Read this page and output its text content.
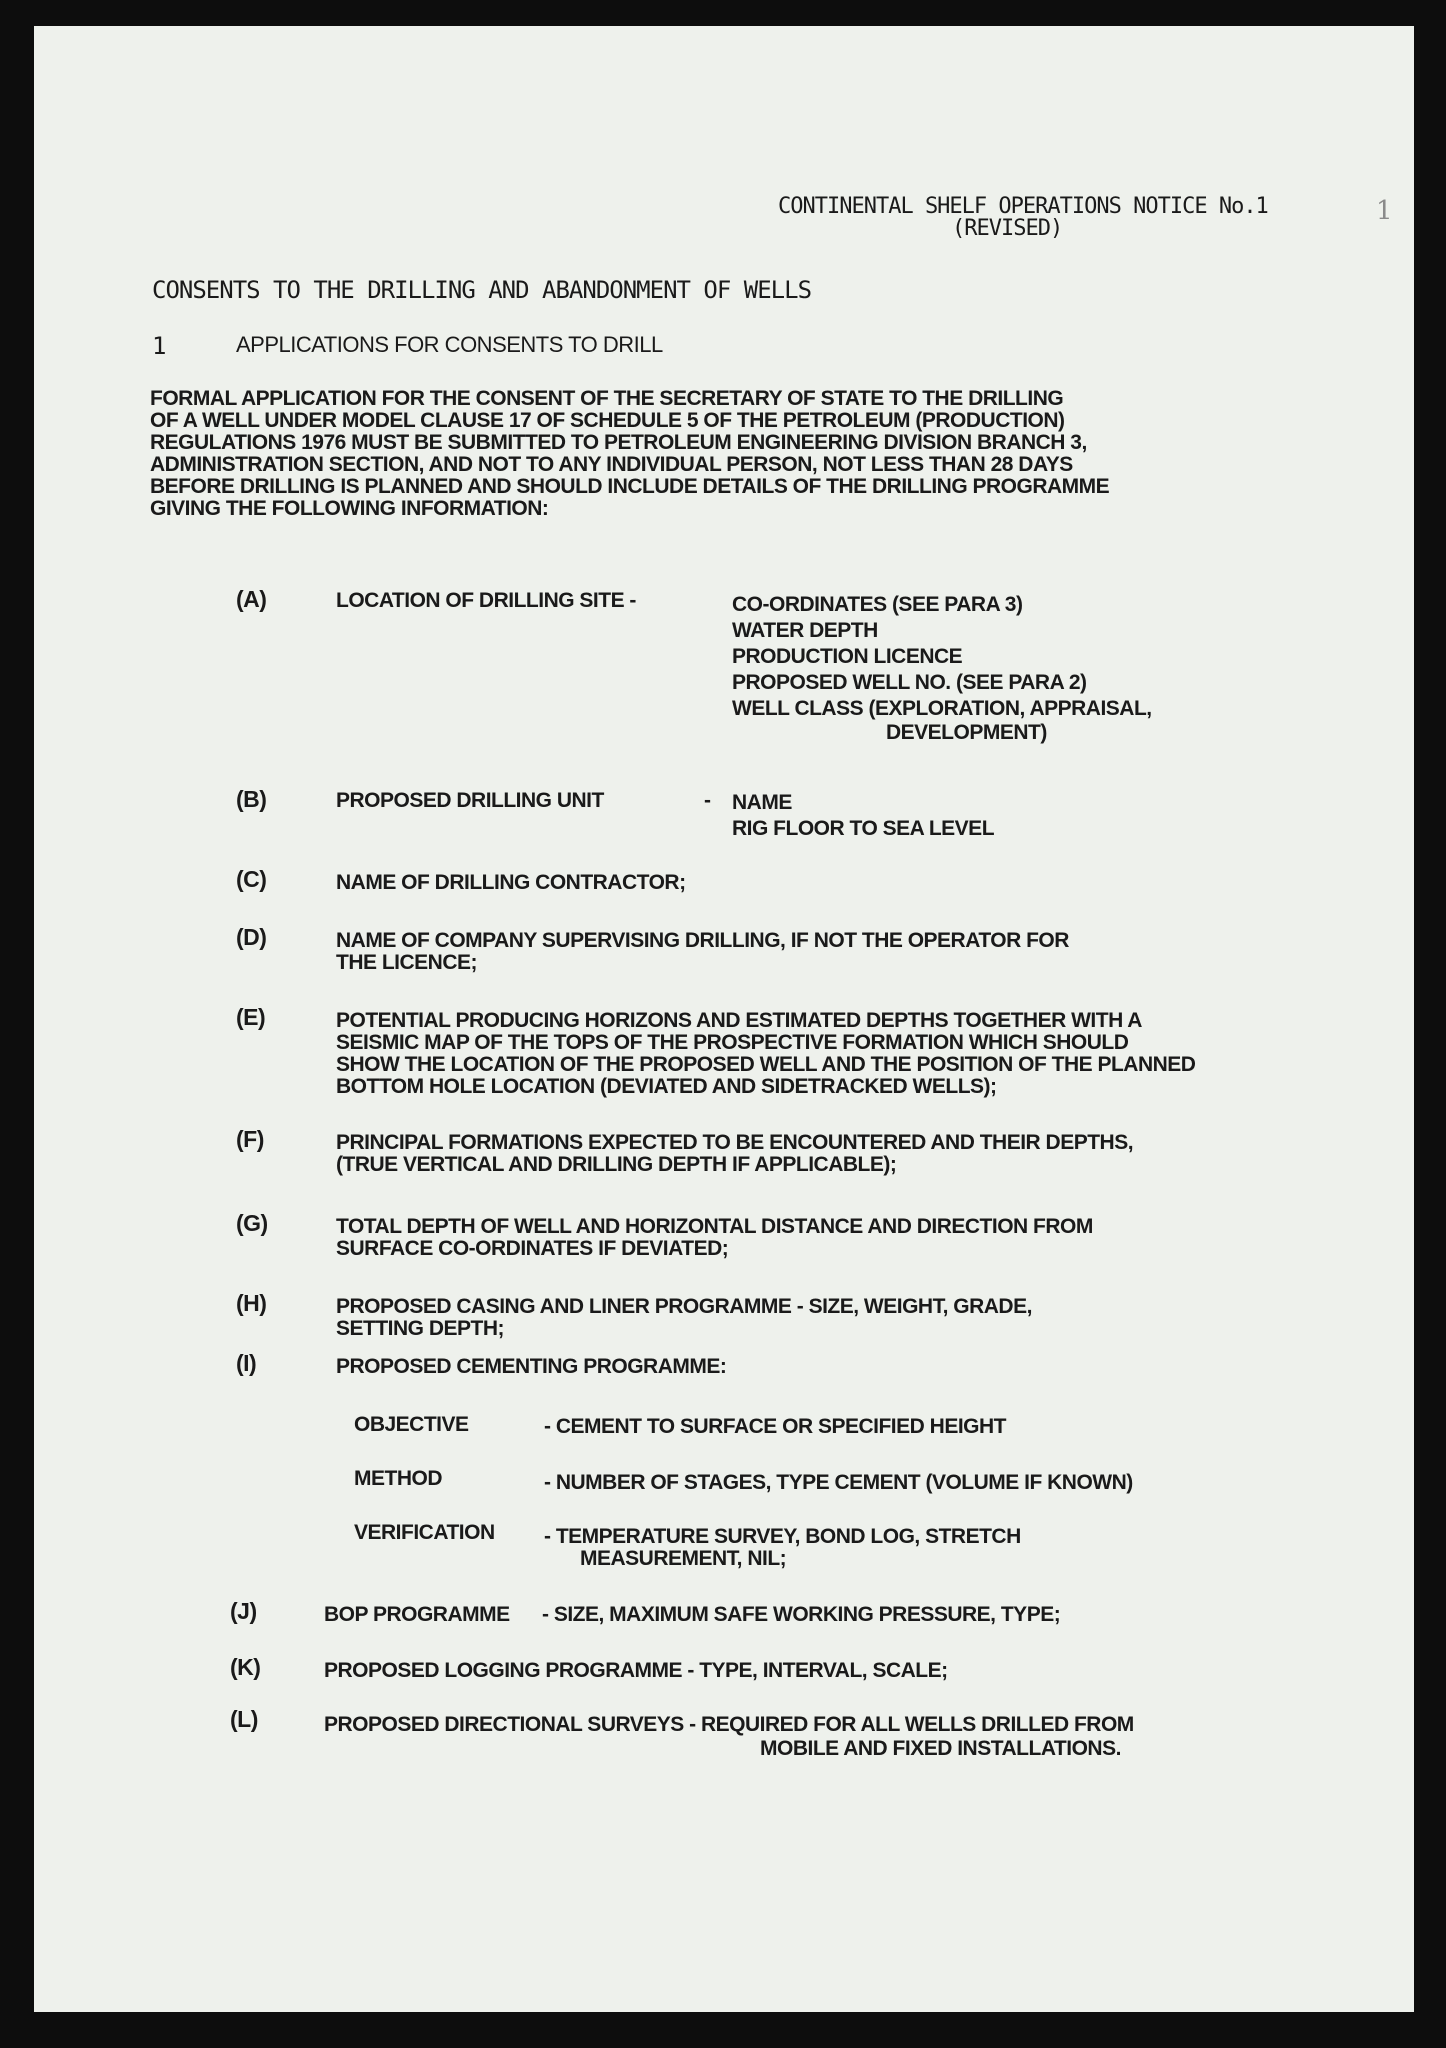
CONTINENTAL SHELF OPERATIONS NOTICE No.1
(REVISED)
1
CONSENTS TO THE DRILLING AND ABANDONMENT OF WELLS
1	APPLICATIONS FOR CONSENTS TO DRILL
FORMAL APPLICATION FOR THE CONSENT OF THE SECRETARY OF STATE TO THE DRILLING
OF A WELL UNDER MODEL CLAUSE 17 OF SCHEDULE 5 OF THE PETROLEUM (PRODUCTION)
REGULATIONS 1976 MUST BE SUBMITTED TO PETROLEUM ENGINEERING DIVISION BRANCH 3,
ADMINISTRATION SECTION, AND NOT TO ANY INDIVIDUAL PERSON, NOT LESS THAN 28 DAYS
BEFORE DRILLING IS PLANNED AND SHOULD INCLUDE DETAILS OF THE DRILLING PROGRAMME
GIVING THE FOLLOWING INFORMATION:
(A)	LOCATION OF DRILLING SITE -	CO-ORDINATES (SEE PARA 3)
WATER DEPTH
PRODUCTION LICENCE
PROPOSED WELL NO. (SEE PARA 2)
WELL CLASS (EXPLORATION, APPRAISAL,
DEVELOPMENT)
(B)	PROPOSED DRILLING UNIT	- NAME
RIG FLOOR TO SEA LEVEL
(C)	NAME OF DRILLING CONTRACTOR;
(D)	NAME OF COMPANY SUPERVISING DRILLING, IF NOT THE OPERATOR FOR
THE LICENCE;
(E)	POTENTIAL PRODUCING HORIZONS AND ESTIMATED DEPTHS TOGETHER WITH A
SEISMIC MAP OF THE TOPS OF THE PROSPECTIVE FORMATION WHICH SHOULD
SHOW THE LOCATION OF THE PROPOSED WELL AND THE POSITION OF THE PLANNED
BOTTOM HOLE LOCATION (DEVIATED AND SIDETRACKED WELLS);
(F)	PRINCIPAL FORMATIONS EXPECTED TO BE ENCOUNTERED AND THEIR DEPTHS,
(TRUE VERTICAL AND DRILLING DEPTH IF APPLICABLE);
(G)	TOTAL DEPTH OF WELL AND HORIZONTAL DISTANCE AND DIRECTION FROM
SURFACE CO-ORDINATES IF DEVIATED;
(H)	PROPOSED CASING AND LINER PROGRAMME - SIZE, WEIGHT, GRADE,
SETTING DEPTH;
(I)	PROPOSED CEMENTING PROGRAMME:
OBJECTIVE	- CEMENT TO SURFACE OR SPECIFIED HEIGHT
METHOD	- NUMBER OF STAGES, TYPE CEMENT (VOLUME IF KNOWN)
VERIFICATION - TEMPERATURE SURVEY, BOND LOG, STRETCH
MEASUREMENT, NIL;
(J)	BOP PROGRAMME - SIZE, MAXIMUM SAFE WORKING PRESSURE, TYPE;
(K)	PROPOSED LOGGING PROGRAMME - TYPE, INTERVAL, SCALE;
(L)	PROPOSED DIRECTIONAL SURVEYS - REQUIRED FOR ALL WELLS DRILLED FROM
MOBILE AND FIXED INSTALLATIONS.
